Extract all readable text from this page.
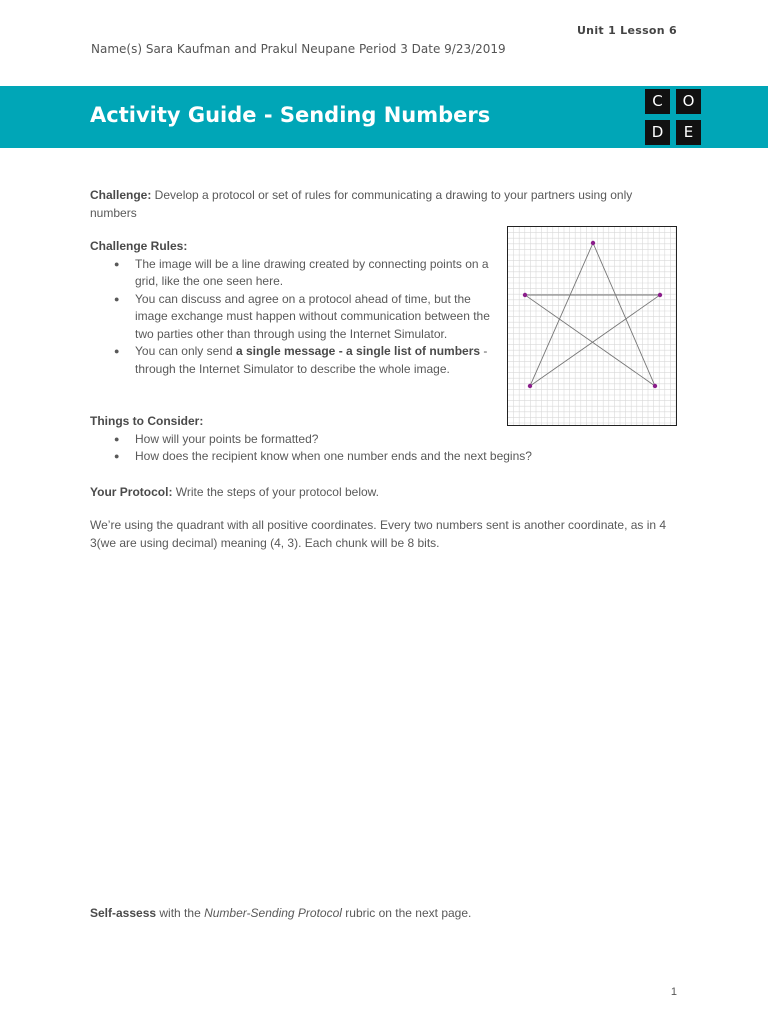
Unit 1 Lesson 6
Name(s) Sara Kaufman and Prakul Neupane Period 3 Date 9/23/2019
Activity Guide - Sending Numbers
C	O
D	E
Challenge: Develop a protocol or set of rules for communicating a drawing to your partners using only numbers
Challenge Rules:
● The image will be a line drawing created by connecting points on a grid, like the one seen here.
● You can discuss and agree on a protocol ahead of time, but the image exchange must happen without communication between the two parties other than through using the Internet Simulator.
● You can only send a single message - a single list of numbers - through the Internet Simulator to describe the whole image.
Things to Consider:
● How will your points be formatted?
● How does the recipient know when one number ends and the next begins?
Your Protocol: Write the steps of your protocol below.
We’re using the quadrant with all positive coordinates. Every two numbers sent is another coordinate, as in 4 3(we are using decimal) meaning (4, 3). Each chunk will be 8 bits.
Self-assess with the Number-Sending Protocol rubric on the next page.
1
